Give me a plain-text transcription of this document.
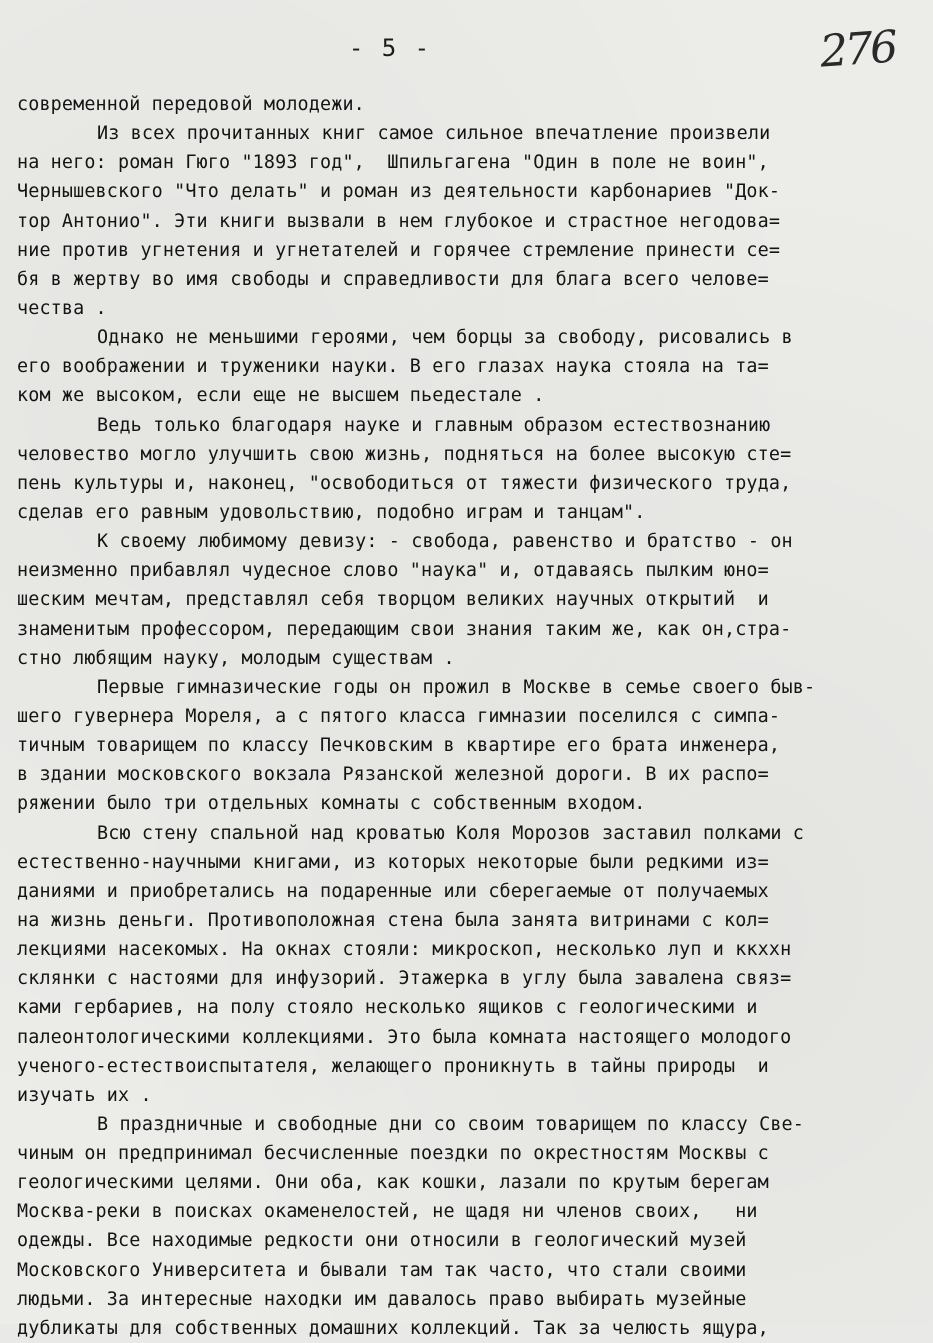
- 5 -	276
современной передовой молодежи.
Из всех прочитанных книг самое сильное впечатление произвели
на него: роман Гюго "1893 год",  Шпильгагена "Один в поле не воин",
Чернышевского "Что делать" и роман из деятельности карбонариев "Док-
тор Антонио". Эти книги вызвали в нем глубокое и страстное негодова=
ние против угнетения и угнетателей и горячее стремление принести се=
бя в жертву во имя свободы и справедливости для блага всего челове=
чества .
Однако не меньшими героями, чем борцы за свободу, рисовались в
его воображении и труженики науки. В его глазах наука стояла на та=
ком же высоком, если еще не высшем пьедестале .
Ведь только благодаря науке и главным образом естествознанию
человество могло улучшить свою жизнь, подняться на более высокую сте=
пень культуры и, наконец, "освободиться от тяжести физического труда,
сделав его равным удовольствию, подобно играм и танцам".
К своему любимому девизу: - свобода, равенство и братство - он
неизменно прибавлял чудесное слово "наука" и, отдаваясь пылким юно=
шеским мечтам, представлял себя творцом великих научных открытий  и
знаменитым профессором, передающим свои знания таким же, как он,стра-
стно любящим науку, молодым существам .
Первые гимназические годы он прожил в Москве в семье своего быв-
шего гувернера Мореля, а с пятого класса гимназии поселился с симпа-
тичным товарищем по классу Печковским в квартире его брата инженера,
в здании московского вокзала Рязанской железной дороги. В их распо=
ряжении было три отдельных комнаты с собственным входом.
Всю стену спальной над кроватью Коля Морозов заставил полками с
естественно-научными книгами, из которых некоторые были редкими из=
даниями и приобретались на подаренные или сберегаемые от получаемых
на жизнь деньги. Противоположная стена была занята витринами с кол=
лекциями насекомых. На окнах стояли: микроскоп, несколько луп и ккххн
склянки с настоями для инфузорий. Этажерка в углу была завалена связ=
ками гербариев, на полу стояло несколько ящиков с геологическими и
палеонтологическими коллекциями. Это была комната настоящего молодого
ученого-естествоиспытателя, желающего проникнуть в тайны природы  и
изучать их .
В праздничные и свободные дни со своим товарищем по классу Све-
чиным он предпринимал бесчисленные поездки по окрестностям Москвы с
геологическими целями. Они оба, как кошки, лазали по крутым берегам
Москва-реки в поисках окаменелостей, не щадя ни членов своих,   ни
одежды. Все находимые редкости они относили в геологический музей
Московского Университета и бывали там так часто, что стали своими
людьми. За интересные находки им давалось право выбирать музейные
дубликаты для собственных домашних коллекций. Так за челюсть ящура,
